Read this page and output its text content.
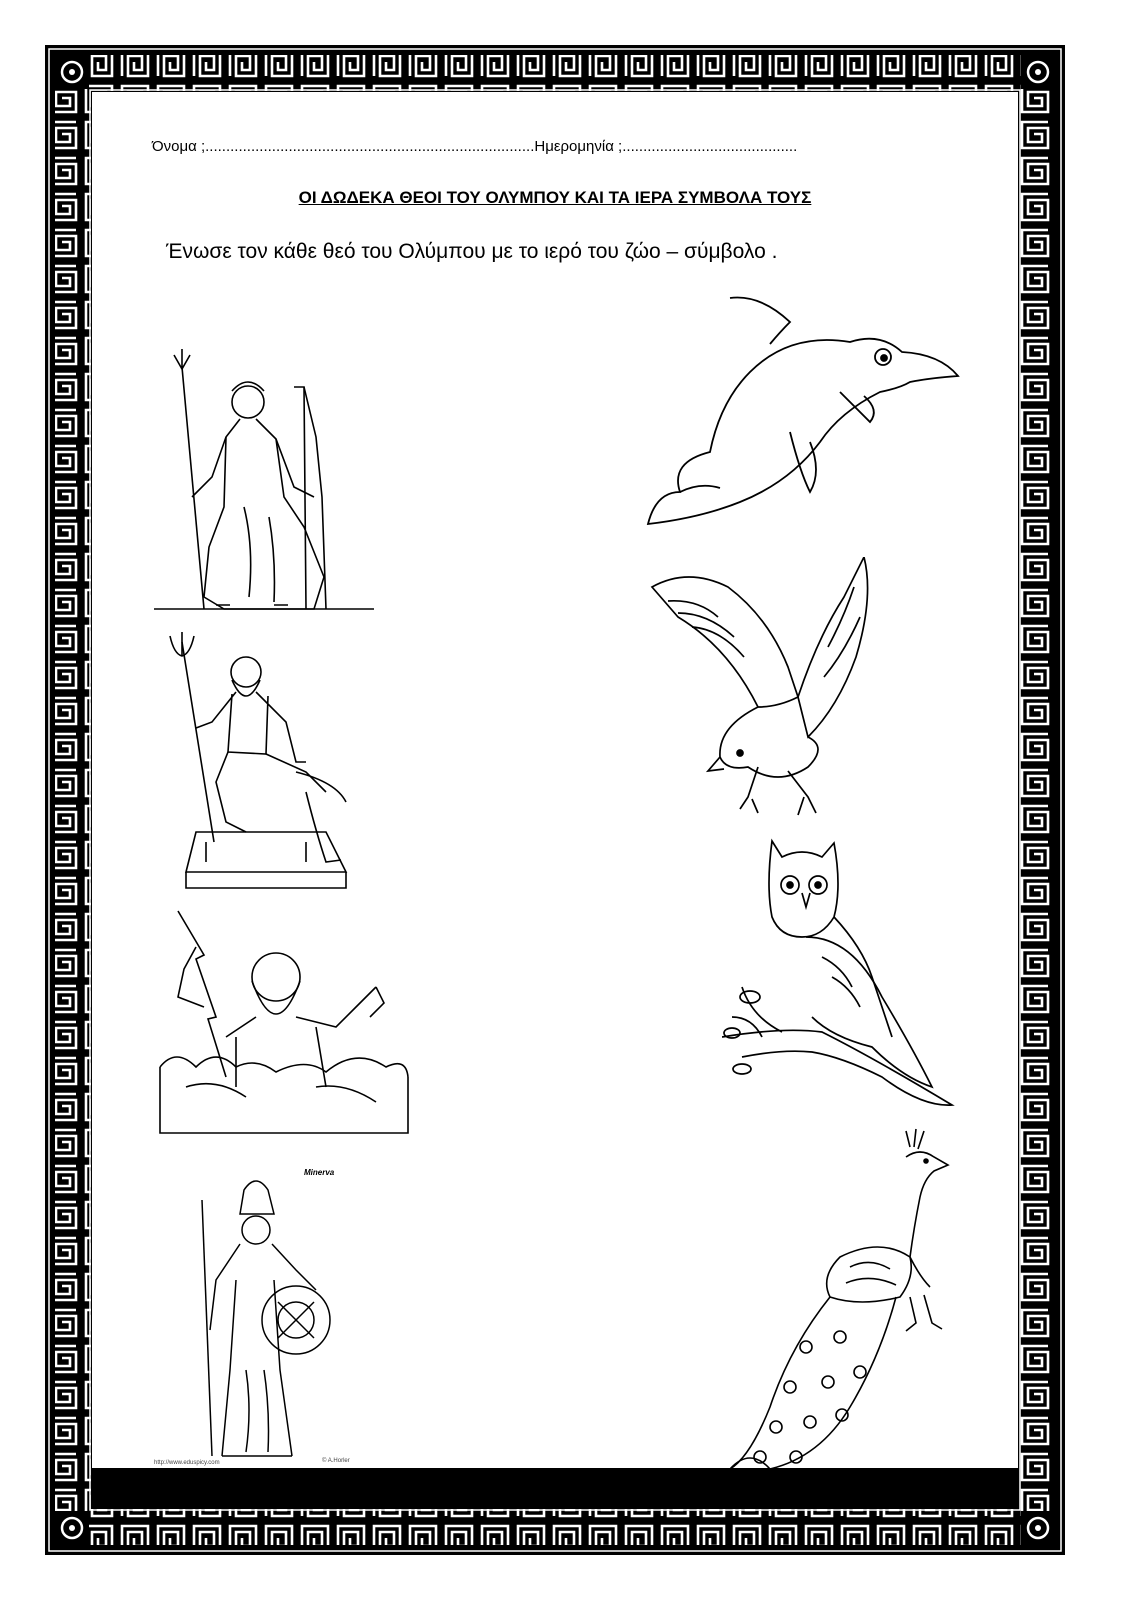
Όνομα ;...............................................................................Ημερομηνία ;..........................................
ΟΙ ΔΩΔΕΚΑ ΘΕΟΙ ΤΟΥ ΟΛΥΜΠΟΥ ΚΑΙ ΤΑ ΙΕΡΑ ΣΥΜΒΟΛΑ ΤΟΥΣ
Ένωσε τον κάθε θεό του Ολύμπου με το ιερό του ζώο – σύμβολο .
Minerva
http://www.eduspicy.com	© A.Horler
